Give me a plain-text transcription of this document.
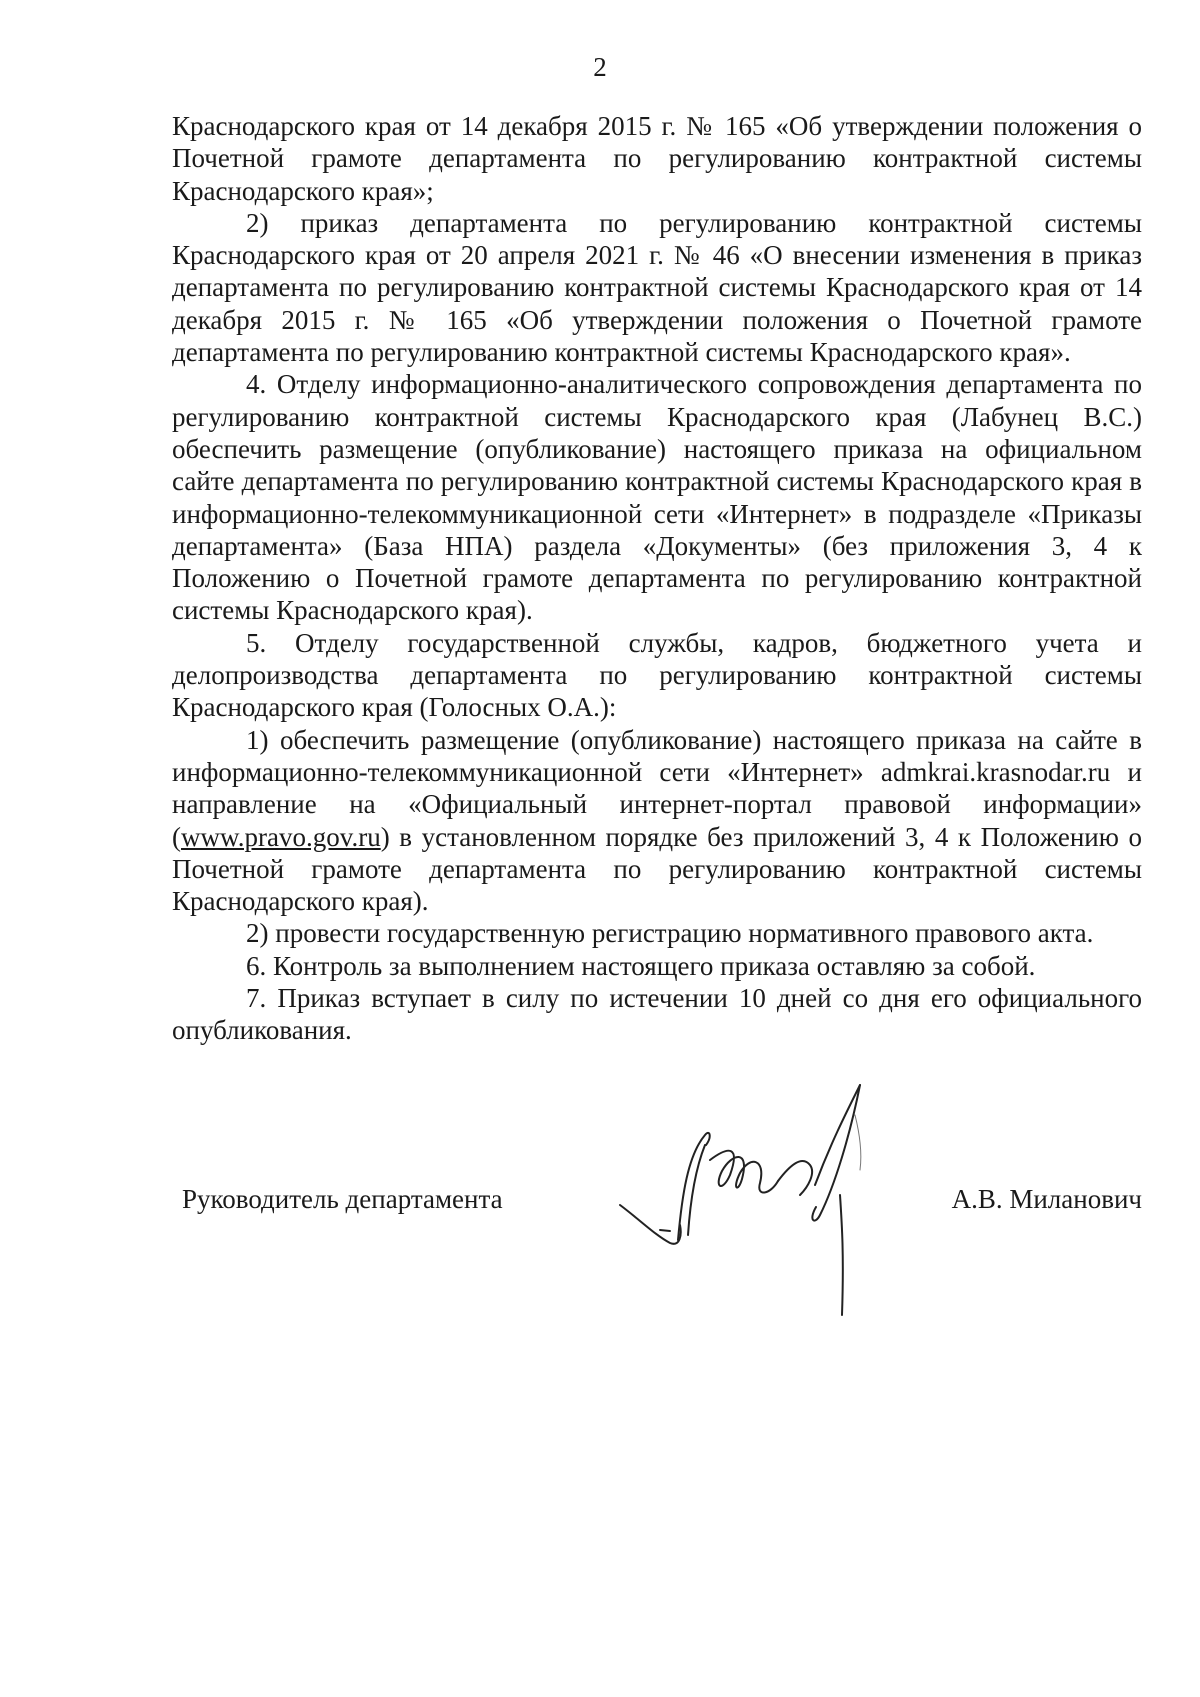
2

Краснодарского края от 14 декабря 2015 г. № 165 «Об утверждении положения о Почетной грамоте департамента по регулированию контрактной системы Краснодарского края»;

2) приказ департамента по регулированию контрактной системы Краснодарского края от 20 апреля 2021 г. № 46 «О внесении изменения в приказ департамента по регулированию контрактной системы Краснодарского края от 14 декабря 2015 г. № 165 «Об утверждении положения о Почетной грамоте департамента по регулированию контрактной системы Краснодарского края».

4. Отделу информационно-аналитического сопровождения департамента по регулированию контрактной системы Краснодарского края (Лабунец В.С.) обеспечить размещение (опубликование) настоящего приказа на официальном сайте департамента по регулированию контрактной системы Краснодарского края в информационно-телекоммуникационной сети «Интернет» в подразделе «Приказы департамента» (База НПА) раздела «Документы» (без приложения 3, 4 к Положению о Почетной грамоте департамента по регулированию контрактной системы Краснодарского края).

5. Отделу государственной службы, кадров, бюджетного учета и делопроизводства департамента по регулированию контрактной системы Краснодарского края (Голосных О.А.):

1) обеспечить размещение (опубликование) настоящего приказа на сайте в информационно-телекоммуникационной сети «Интернет» admkrai.krasnodar.ru и направление на «Официальный интернет-портал правовой информации» (www.pravo.gov.ru) в установленном порядке без приложений 3, 4 к Положению о Почетной грамоте департамента по регулированию контрактной системы Краснодарского края).

2) провести государственную регистрацию нормативного правового акта.

6. Контроль за выполнением настоящего приказа оставляю за собой.

7. Приказ вступает в силу по истечении 10 дней со дня его официального опубликования.

Руководитель департамента	А.В. Миланович
